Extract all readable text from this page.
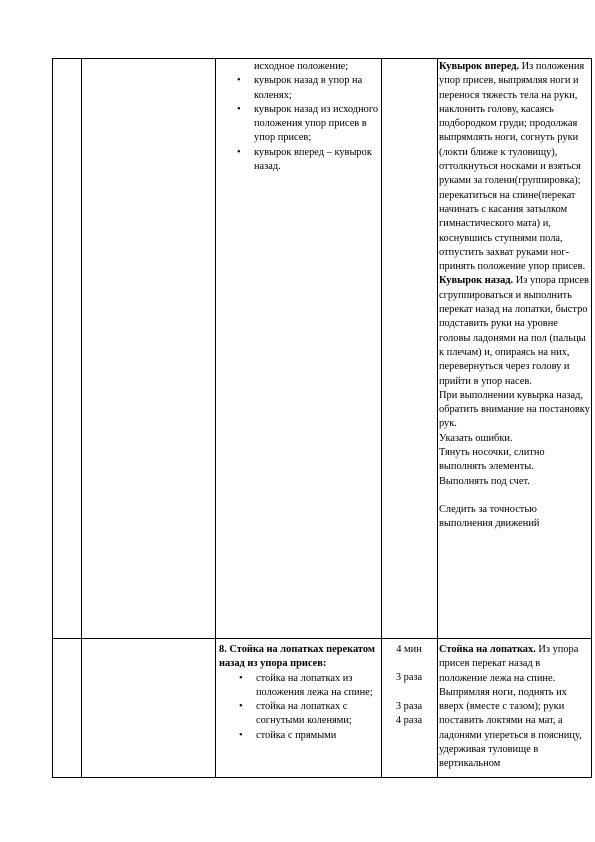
исходное положение;
• кувырок назад в упор на коленях;
• кувырок назад из исходного положения упор присев в упор присев;
• кувырок вперед – кувырок назад.

Кувырок вперед. Из положения упор присев, выпрямляя ноги и перенося тяжесть тела на руки, наклонить голову, касаясь подбородком груди; продолжая выпрямлять ноги, согнуть руки (локти ближе к туловищу), оттолкнуться носками и взяться руками за голени(группировка); перекатиться на спине(перекат начинать с касания затылком гимнастического мата) и, коснувшись ступнями пола, отпустить захват руками ног- принять положение упор присев.

Кувырок назад. Из упора присев сгруппироваться и выполнить перекат назад на лопатки, быстро подставить руки на уровне головы ладонями на пол (пальцы к плечам) и, опираясь на них, перевернуться через голову и прийти в упор насев.

При выполнении кувырка назад, обратить внимание на постановку рук.

Указать ошибки.

Тянуть носочки, слитно выполнять элементы.

Выполнять под счет.

Следить за точностью выполнения движений

8. Стойка на лопатках перекатом назад из упора присев:

• стойка на лопатках из положения лежа на спине;
• стойка на лопатках с согнутыми коленями;
• стойка с прямыми

4 мин

3 раза

3 раза

4 раза

Стойка на лопатках. Из упора присев перекат назад в положение лежа на спине. Выпрямляя ноги, поднять их вверх (вместе с тазом); руки поставить локтями на мат, а ладонями упереться в поясницу, удерживая туловище в вертикальном
